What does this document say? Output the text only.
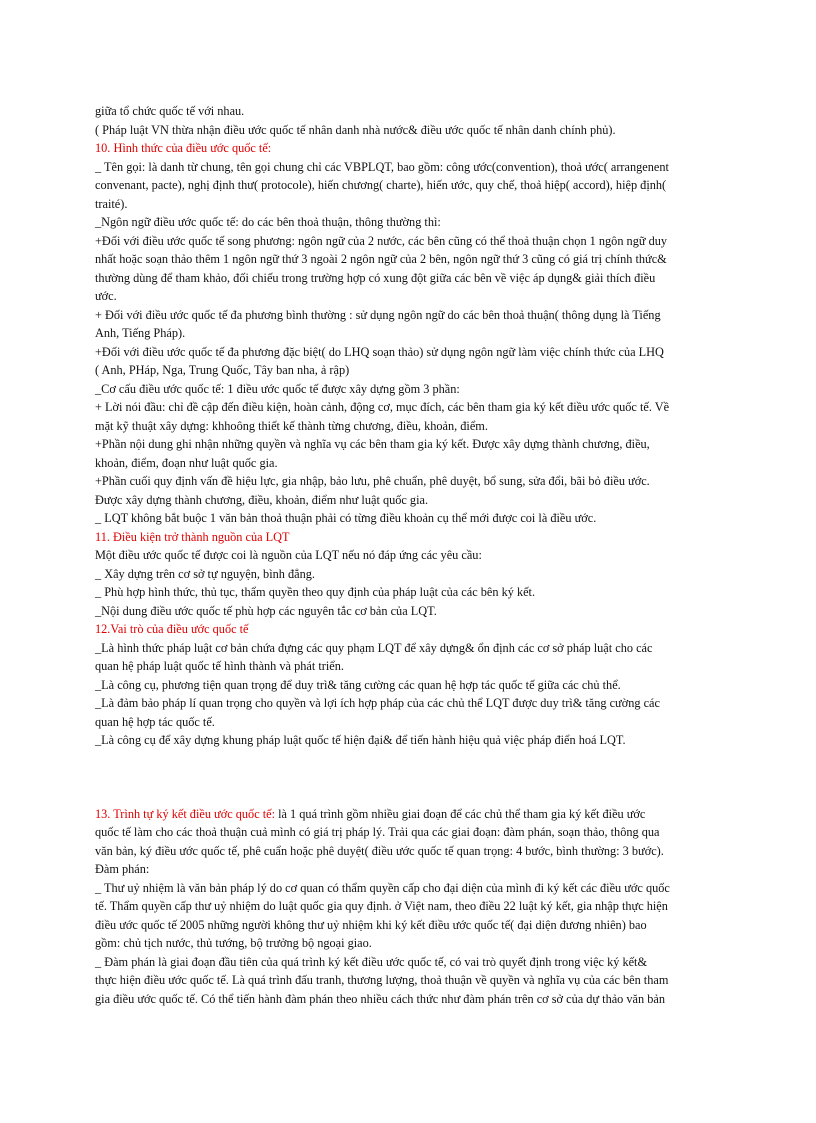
giữa tổ chức quốc tế với nhau.

( Pháp luật VN thừa nhận điều ước quốc tế nhân danh nhà nước& điều ước quốc tế nhân danh chính phủ).

10. Hình thức của điều ước quốc tế:

_ Tên gọi: là danh từ chung, tên gọi chung chỉ các VBPLQT, bao gồm: công ước(convention), thoả ước( arrangenent

convenant, pacte), nghị định thư( protocole), hiến chương( charte), hiến ước, quy chế, thoả hiệp( accord), hiệp định(

traité).

_Ngôn ngữ điều ước quốc tế: do các bên thoả thuận, thông thường thì:

+Đối với điều ước quốc tế song phương: ngôn ngữ của 2 nước, các bên cũng có thể thoả thuận chọn 1 ngôn ngữ duy

nhất hoặc soạn thảo thêm 1 ngôn ngữ thứ 3 ngoài 2 ngôn ngữ của 2 bên, ngôn ngữ thứ 3 cũng có giá trị chính thức&

thường dùng để tham khảo, đối chiếu trong trường hợp có xung đột giữa các bên về việc áp dụng& giải thích điều

ước.

+ Đối với điều ước quốc tế đa phương bình thường : sử dụng ngôn ngữ do các bên thoả thuận( thông dụng là Tiếng

Anh, Tiếng Pháp).

+Đối với điều ước quốc tế đa phương đặc biệt( do LHQ soạn thảo) sử dụng ngôn ngữ làm việc chính thức của LHQ

( Anh, PHáp, Nga, Trung Quốc, Tây ban nha, ả rập)

_Cơ cấu điều ước quốc tế: 1 điều ước quốc tế được xây dựng gồm 3 phần:

+ Lời nói đầu: chỉ đề cập đến điều kiện, hoàn cảnh, động cơ, mục đích, các bên tham gia ký kết điều ước quốc tế. Về

mặt kỹ thuật xây dựng: khhoông thiết kế thành từng chương, điều, khoản, điểm.

+Phần nội dung ghi nhận những quyền và nghĩa vụ các bên tham gia ký kết. Được xây dựng thành chương, điều,

khoản, điểm, đoạn như luật quốc gia.

+Phần cuối quy định vấn đề hiệu lực, gia nhập, bảo lưu, phê chuẩn, phê duyệt, bổ sung, sửa đổi, bãi bỏ điều ước.

Được xây dựng thành chương, điều, khoản, điểm như luật quốc gia.

_ LQT không bắt buộc 1 văn bản thoả thuận phải có từng điều khoản cụ thể mới được coi là điều ước.

11. Điều kiện trở thành nguồn của LQT

Một điều ước quốc tế được coi là nguồn của LQT nếu nó đáp ứng các yêu cầu:

_ Xây dựng trên cơ sở tự nguyện, bình đẳng.

_ Phù hợp hình thức, thủ tục, thẩm quyền theo quy định của pháp luật của các bên ký kết.

_Nội dung điều ước quốc tế phù hợp các nguyên tắc cơ bản của LQT.

12.Vai trò của điều ước quốc tế

_Là hình thức pháp luật cơ bản chứa đựng các quy phạm LQT để xây dựng& ổn định các cơ sở pháp luật cho các

quan hệ pháp luật quốc tế hình thành và phát triển.

_Là công cụ, phương tiện quan trọng để duy trì& tăng cường các quan hệ hợp tác quốc tế giữa các chủ thể.

_Là đảm bảo pháp lí quan trọng cho quyền và lợi ích hợp pháp của các chủ thể LQT được duy trì& tăng cường các

quan hệ hợp tác quốc tế.

_Là công cụ để xây dựng khung pháp luật quốc tế hiện đại& để tiến hành hiệu quả việc pháp điển hoá LQT.

13. Trình tự ký kết điều ước quốc tế: là 1 quá trình gồm nhiều giai đoạn để các chủ thể tham gia ký kết điều ước

quốc tế làm cho các thoả thuận cuả mình có giá trị pháp lý. Trải qua các giai đoạn: đàm phán, soạn thảo, thông qua

văn bản, ký điều ước quốc tế, phê cuẩn hoặc phê duyệt( điều ước quốc tế quan trọng: 4 bước, bình thường: 3 bước).

Đàm phán:

_ Thư uỷ nhiệm là văn bản pháp lý do cơ quan có thẩm quyền cấp cho đại diện của mình đi ký kết các điều ước quốc

tế. Thẩm quyền cấp thư uỷ nhiệm do luật quốc gia quy định. ở Việt nam, theo điều 22 luật ký kết, gia nhập thực hiện

điều ước quốc tế 2005 những người không thư uỷ nhiệm khi ký kết điều ước quốc tế( đại diện đương nhiên) bao

gồm: chủ tịch nước, thủ tướng, bộ trưởng bộ ngoại giao.

_ Đàm phán là giai đoạn đầu tiên của quá trình ký kết điều ước quốc tế, có vai trò quyết định trong việc ký kết&

thực hiện điều ước quốc tế. Là quá trình đấu tranh, thương lượng, thoả thuận về quyền và nghĩa vụ của các bên tham

gia điều ước quốc tế. Có thể tiến hành đàm phán theo nhiều cách thức như đàm phán trên cơ sở của dự thảo văn bản
